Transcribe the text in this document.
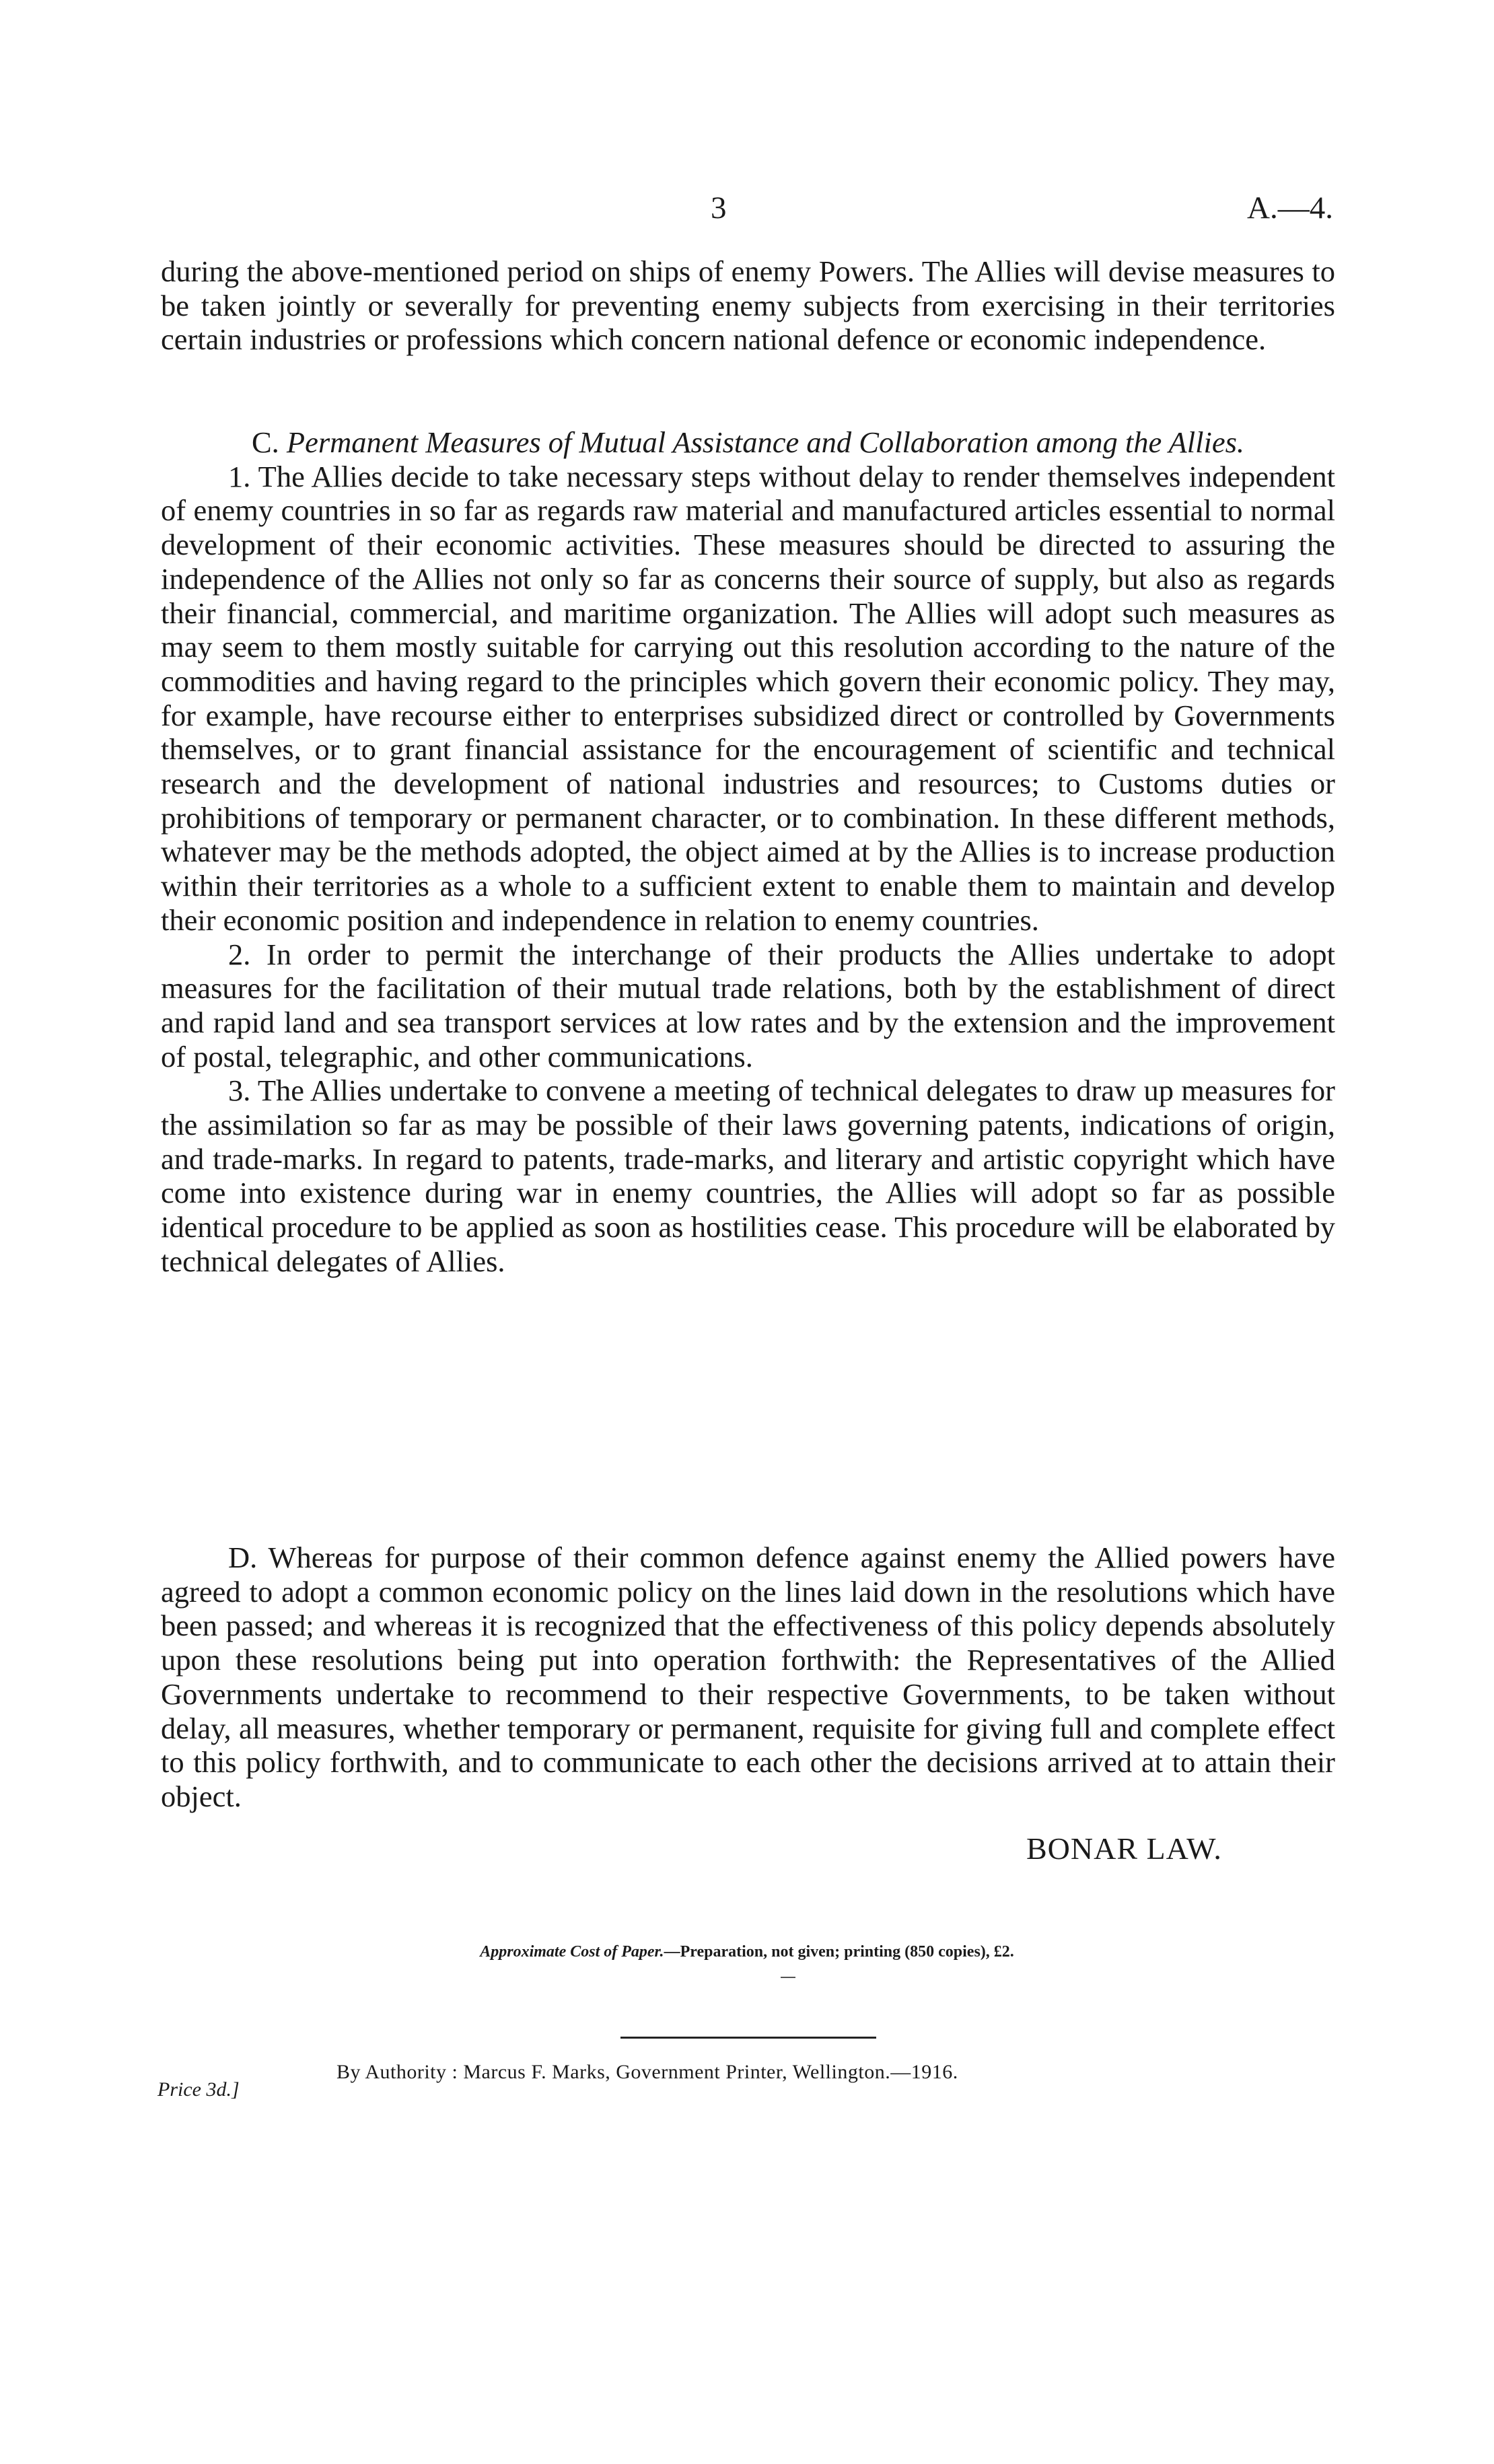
3	A.—4.

during the above-mentioned period on ships of enemy Powers. The Allies will devise measures to be taken jointly or severally for preventing enemy subjects from exercising in their territories certain industries or professions which concern national defence or economic independence.

C. Permanent Measures of Mutual Assistance and Collaboration among the Allies.

1. The Allies decide to take necessary steps without delay to render themselves independent of enemy countries in so far as regards raw material and manufactured articles essential to normal development of their economic activities. These measures should be directed to assuring the independence of the Allies not only so far as concerns their source of supply, but also as regards their financial, commercial, and maritime organization. The Allies will adopt such measures as may seem to them mostly suitable for carrying out this resolution according to the nature of the commodities and having regard to the principles which govern their economic policy. They may, for example, have recourse either to enterprises subsidized direct or controlled by Governments themselves, or to grant financial assistance for the encouragement of scientific and technical research and the development of national industries and resources; to Customs duties or prohibitions of temporary or permanent character, or to combination. In these different methods, whatever may be the methods adopted, the object aimed at by the Allies is to increase production within their territories as a whole to a sufficient extent to enable them to maintain and develop their economic position and independence in relation to enemy countries.

2. In order to permit the interchange of their products the Allies undertake to adopt measures for the facilitation of their mutual trade relations, both by the establishment of direct and rapid land and sea transport services at low rates and by the extension and the improvement of postal, telegraphic, and other communications.

3. The Allies undertake to convene a meeting of technical delegates to draw up measures for the assimilation so far as may be possible of their laws governing patents, indications of origin, and trade-marks. In regard to patents, trade-marks, and literary and artistic copyright which have come into existence during war in enemy countries, the Allies will adopt so far as possible identical procedure to be applied as soon as hostilities cease. This procedure will be elaborated by technical delegates of Allies.

D. Whereas for purpose of their common defence against enemy the Allied powers have agreed to adopt a common economic policy on the lines laid down in the resolutions which have been passed; and whereas it is recognized that the effectiveness of this policy depends absolutely upon these resolutions being put into operation forthwith: the Representatives of the Allied Governments undertake to recommend to their respective Governments, to be taken without delay, all measures, whether temporary or permanent, requisite for giving full and complete effect to this policy forthwith, and to communicate to each other the decisions arrived at to attain their object.

BONAR LAW.
Approximate Cost of Paper.—Preparation, not given; printing (850 copies), £2.
By Authority : Marcus F. Marks, Government Printer, Wellington.—1916.
Price 3d.]
